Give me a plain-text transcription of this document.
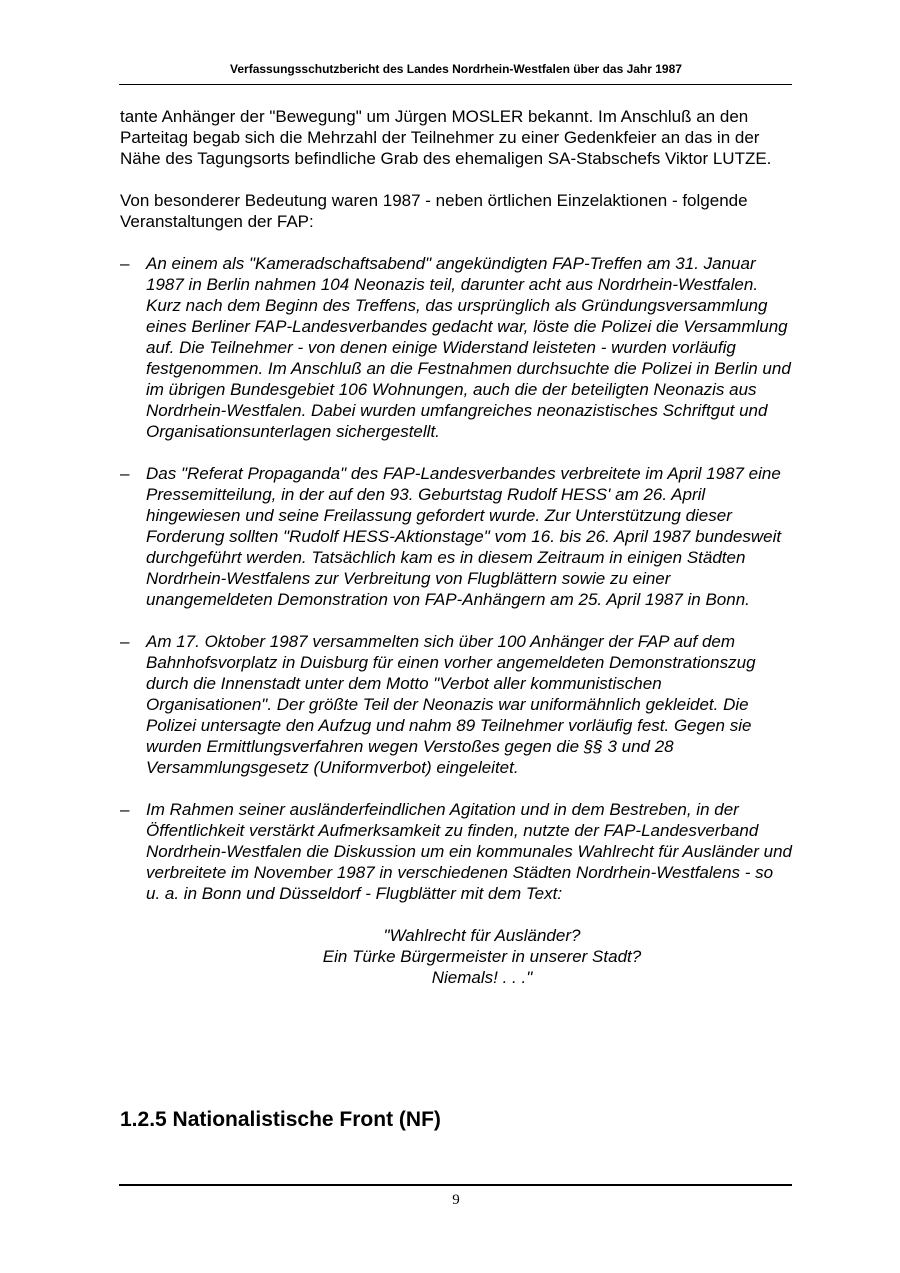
Verfassungsschutzbericht des Landes Nordrhein-Westfalen über das Jahr 1987

tante Anhänger der "Bewegung" um Jürgen MOSLER bekannt. Im Anschluß an den Parteitag begab sich die Mehrzahl der Teilnehmer zu einer Gedenkfeier an das in der Nähe des Tagungsorts befindliche Grab des ehemaligen SA-Stabschefs Viktor LUTZE.

Von besonderer Bedeutung waren 1987 - neben örtlichen Einzelaktionen - folgende Veranstaltungen der FAP:

– An einem als "Kameradschaftsabend" angekündigten FAP-Treffen am 31. Januar 1987 in Berlin nahmen 104 Neonazis teil, darunter acht aus Nordrhein-Westfalen. Kurz nach dem Beginn des Treffens, das ursprünglich als Gründungsversammlung eines Berliner FAP-Landesverbandes gedacht war, löste die Polizei die Versammlung auf. Die Teilnehmer - von denen einige Widerstand leisteten - wurden vorläufig festgenommen. Im Anschluß an die Festnahmen durchsuchte die Polizei in Berlin und im übrigen Bundesgebiet 106 Wohnungen, auch die der beteiligten Neonazis aus Nordrhein-Westfalen. Dabei wurden umfangreiches neonazistisches Schriftgut und Organisationsunterlagen sichergestellt.
– Das "Referat Propaganda" des FAP-Landesverbandes verbreitete im April 1987 eine Pressemitteilung, in der auf den 93. Geburtstag Rudolf HESS' am 26. April hingewiesen und seine Freilassung gefordert wurde. Zur Unterstützung dieser Forderung sollten "Rudolf HESS-Aktionstage" vom 16. bis 26. April 1987 bundesweit durchgeführt werden. Tatsächlich kam es in diesem Zeitraum in einigen Städten Nordrhein-Westfalens zur Verbreitung von Flugblättern sowie zu einer unangemeldeten Demonstration von FAP-Anhängern am 25. April 1987 in Bonn.
– Am 17. Oktober 1987 versammelten sich über 100 Anhänger der FAP auf dem Bahnhofsvorplatz in Duisburg für einen vorher angemeldeten Demonstrationszug durch die Innenstadt unter dem Motto "Verbot aller kommunistischen Organisationen". Der größte Teil der Neonazis war uniformähnlich gekleidet. Die Polizei untersagte den Aufzug und nahm 89 Teilnehmer vorläufig fest. Gegen sie wurden Ermittlungsverfahren wegen Verstoßes gegen die §§ 3 und 28 Versammlungsgesetz (Uniformverbot) eingeleitet.
– Im Rahmen seiner ausländerfeindlichen Agitation und in dem Bestreben, in der Öffentlichkeit verstärkt Aufmerksamkeit zu finden, nutzte der FAP-Landesverband Nordrhein-Westfalen die Diskussion um ein kommunales Wahlrecht für Ausländer und verbreitete im November 1987 in verschiedenen Städten Nordrhein-Westfalens - so u. a. in Bonn und Düsseldorf - Flugblätter mit dem Text:

"Wahlrecht für Ausländer?

Ein Türke Bürgermeister in unserer Stadt?

Niemals! . . ."

1.2.5 Nationalistische Front (NF)
9
